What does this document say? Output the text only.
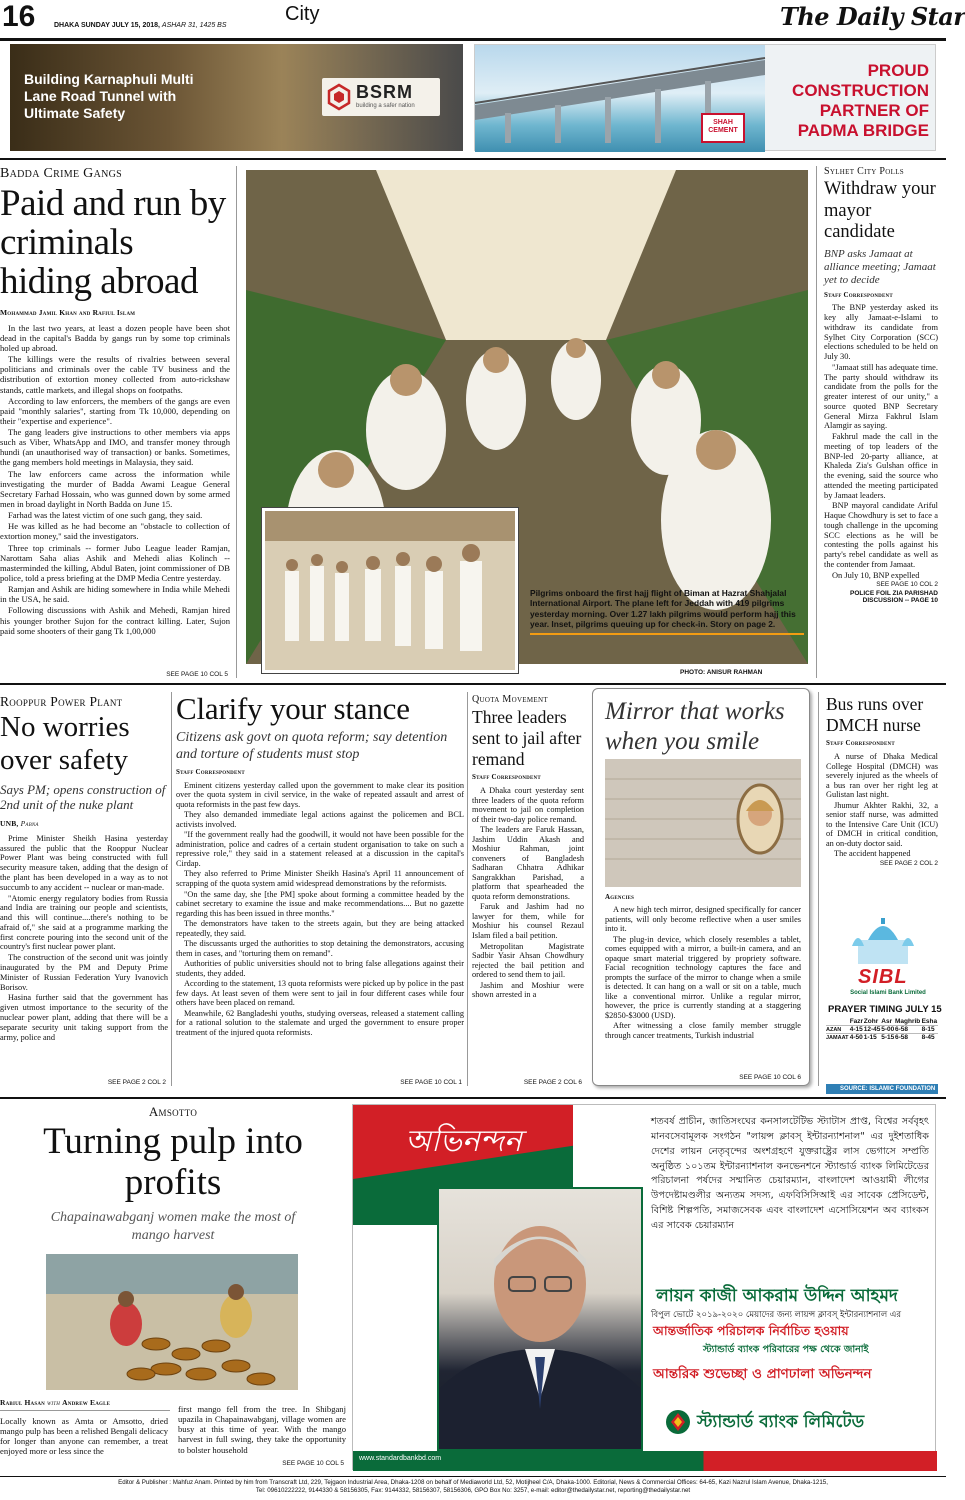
16	DHAKA SUNDAY JULY 15, 2018, ASHAR 31, 1425 BS
City	The Daily Star
Building Karnaphuli Multi Lane Road Tunnel with Ultimate Safety
BSRM
building a safer nation
SHAH CEMENT
PROUD CONSTRUCTION PARTNER OF PADMA BRIDGE
Badda Crime Gangs
Paid and run by criminals hiding abroad
Mohammad Jamil Khan and Rafiul Islam

In the last two years, at least a dozen people have been shot dead in the capital's Badda by gangs run by some top criminals holed up abroad.

The killings were the results of rivalries between several politicians and criminals over the cable TV business and the distribution of extortion money collected from auto-rickshaw stands, cattle markets, and illegal shops on footpaths.

According to law enforcers, the members of the gangs are even paid "monthly salaries", starting from Tk 10,000, depending on their "expertise and experience".

The gang leaders give instructions to other members via apps such as Viber, WhatsApp and IMO, and transfer money through hundi (an unauthorised way of transaction) or banks. Sometimes, the gang members hold meetings in Malaysia, they said.

The law enforcers came across the information while investigating the murder of Badda Awami League General Secretary Farhad Hossain, who was gunned down by some armed men in broad daylight in North Badda on June 15.

Farhad was the latest victim of one such gang, they said.

He was killed as he had become an "obstacle to collection of extortion money," said the investigators.

Three top criminals -- former Jubo League leader Ramjan, Narottam Saha alias Ashik and Mehedi alias Kolinch -- masterminded the killing, Abdul Baten, joint commissioner of DB police, told a press briefing at the DMP Media Centre yesterday.

Ramjan and Ashik are hiding somewhere in India while Mehedi in the USA, he said.

Following discussions with Ashik and Mehedi, Ramjan hired his younger brother Sujon for the contract killing. Later, Sujon paid some shooters of their gang Tk 1,00,000

SEE PAGE 10 COL 5
Pilgrims onboard the first hajj flight of Biman at Hazrat Shahjalal International Airport. The plane left for Jeddah with 419 pilgrims yesterday morning. Over 1.27 lakh pilgrims would perform hajj this year. Inset, pilgrims queuing up for check-in. Story on page 2.
PHOTO: ANISUR RAHMAN
Sylhet City Polls
Withdraw your mayor candidate
BNP asks Jamaat at alliance meeting; Jamaat yet to decide
Staff Correspondent

The BNP yesterday asked its key ally Jamaat-e-Islami to withdraw its candidate from Sylhet City Corporation (SCC) elections scheduled to be held on July 30.

"Jamaat still has adequate time. The party should withdraw its candidate from the polls for the greater interest of our unity," a source quoted BNP Secretary General Mirza Fakhrul Islam Alamgir as saying.

Fakhrul made the call in the meeting of top leaders of the BNP-led 20-party alliance, at Khaleda Zia's Gulshan office in the evening, said the source who attended the meeting participated by Jamaat leaders.

BNP mayoral candidate Ariful Haque Chowdhury is set to face a tough challenge in the upcoming SCC elections as he will be contesting the polls against his party's rebel candidate as well as the contender from Jamaat.

On July 10, BNP expelled

SEE PAGE 10 COL 2
POLICE FOIL ZIA PARISHAD DISCUSSION -- PAGE 10
Rooppur Power Plant
No worries over safety
Says PM; opens construction of 2nd unit of the nuke plant
UNB, Pabna

Prime Minister Sheikh Hasina yesterday assured the public that the Rooppur Nuclear Power Plant was being constructed with full security measure taken, adding that the design of the plant has been developed in a way as to not succumb to any accident -- nuclear or man-made.

"Atomic energy regulatory bodies from Russia and India are training our people and scientists, and this will continue....there's nothing to be afraid of," she said at a programme marking the first concrete pouring into the second unit of the country's first nuclear power plant.

The construction of the second unit was jointly inaugurated by the PM and Deputy Prime Minister of Russian Federation Yury Ivanovich Borisov.

Hasina further said that the government has given utmost importance to the security of the nuclear power plant, adding that there will be a separate security unit taking support from the army, police and

SEE PAGE 2 COL 2
Clarify your stance
Citizens ask govt on quota reform; say detention and torture of students must stop
Staff Correspondent

Eminent citizens yesterday called upon the government to make clear its position over the quota system in civil service, in the wake of repeated assault and arrest of quota reformists in the past few days.

They also demanded immediate legal actions against the policemen and BCL activists involved.

"If the government really had the goodwill, it would not have been possible for the administration, police and cadres of a certain student organisation to take on such a repressive role," they said in a statement released at a discussion in the capital's Cirdap.

They also referred to Prime Minister Sheikh Hasina's April 11 announcement of scrapping of the quota system amid widespread demonstrations by the reformists.

"On the same day, she [the PM] spoke about forming a committee headed by the cabinet secretary to examine the issue and make recommendations.... But no gazette regarding this has been issued in three months."

The demonstrators have taken to the streets again, but they are being attacked repeatedly, they said.

The discussants urged the authorities to stop detaining the demonstrators, accusing them in cases, and "torturing them on remand".

Authorities of public universities should not to bring false allegations against their students, they added.

According to the statement, 13 quota reformists were picked up by police in the past few days. At least seven of them were sent to jail in four different cases while four others have been placed on remand.

Meanwhile, 62 Bangladeshi youths, studying overseas, released a statement calling for a rational solution to the stalemate and urged the government to ensure proper treatment of the injured quota reformists.

SEE PAGE 10 COL 1
Quota Movement
Three leaders sent to jail after remand
Staff Correspondent

A Dhaka court yesterday sent three leaders of the quota reform movement to jail on completion of their two-day police remand.

The leaders are Faruk Hassan, Jashim Uddin Akash and Moshiur Rahman, joint conveners of Bangladesh Sadharan Chhatra Adhikar Sangrakkhan Parishad, a platform that spearheaded the quota reform demonstrations.

Faruk and Jashim had no lawyer for them, while for Moshiur his counsel Rezaul Islam filed a bail petition.

Metropolitan Magistrate Sadbir Yasir Ahsan Chowdhury rejected the bail petition and ordered to send them to jail.

Jashim and Moshiur were shown arrested in a

SEE PAGE 2 COL 6
Mirror that works when you smile
Agencies

A new high tech mirror, designed specifically for cancer patients, will only become reflective when a user smiles into it.

The plug-in device, which closely resembles a tablet, comes equipped with a mirror, a built-in camera, and an opaque smart material triggered by propriety software. Facial recognition technology captures the face and prompts the surface of the mirror to change when a smile is detected. It can hang on a wall or sit on a table, much like a conventional mirror. Unlike a regular mirror, however, the price is currently standing at a staggering $2850-$3000 (USD).

After witnessing a close family member struggle through cancer treatments, Turkish industrial

SEE PAGE 10 COL 6
Bus runs over DMCH nurse
Staff Correspondent

A nurse of Dhaka Medical College Hospital (DMCH) was severely injured as the wheels of a bus ran over her right leg at Gulistan last night.

Jhumur Akhter Rakhi, 32, a senior staff nurse, was admitted to the Intensive Care Unit (ICU) of DMCH in critical condition, an on-duty doctor said.

The accident happened

SEE PAGE 2 COL 2
SIBL
Social Islami Bank Limited
PRAYER TIMING JULY 15
	Fazr	Zohr	Asr	Maghrib	Esha
AZAN	4-15	12-45	5-00	6-58	8-15
JAMAAT	4-50	1-15	5-15	6-58	8-45
SOURCE: ISLAMIC FOUNDATION
Amsotto
Turning pulp into profits
Chapainawabganj women make the most of mango harvest
Rabiul Hasan with Andrew Eagle
Locally known as Amta or Amsotto, dried mango pulp has been a relished Bengali delicacy for longer than anyone can remember, a treat enjoyed more or less since the
first mango fell from the tree. In Shibganj upazila in Chapainawabganj, village women are busy at this time of year. With the mango harvest in full swing, they take the opportunity to bolster household
SEE PAGE 10 COL 5
অভিনন্দন
শতবর্ষ প্রাচীন, জাতিসংঘের কনসালটেটিভ স্ট্যাটাস প্রাপ্ত, বিশ্বের সর্ববৃহৎ মানবসেবামূলক সংগঠন "লায়ন্স ক্লাবস্ ইন্টারন্যাশনাল" এর দুইশতাধিক দেশের লায়ন নেতৃবৃন্দের অংশগ্রহণে যুক্তরাষ্ট্রের লাস ভেগাসে সম্প্রতি অনুষ্ঠিত ১০১তম ইন্টারন্যাশনাল কনভেনশনে স্ট্যান্ডার্ড ব্যাংক লিমিটেডের পরিচালনা পর্ষদের সম্মানিত চেয়ারম্যান, বাংলাদেশ আওয়ামী লীগের উপদেষ্টামণ্ডলীর অন্যতম সদস্য, এফবিসিসিআই এর সাবেক প্রেসিডেন্ট, বিশিষ্ট শিল্পপতি, সমাজসেবক এবং বাংলাদেশ এসোসিয়েশন অব ব্যাংকস এর সাবেক চেয়ারম্যান
লায়ন কাজী আকরাম উদ্দিন আহমদ
বিপুল ভোটে ২০১৯-২০২০ মেয়াদের জন্য লায়ন্স ক্লাবস্ ইন্টারন্যাশনাল এর
আন্তর্জাতিক পরিচালক নির্বাচিত হওয়ায়
স্ট্যান্ডার্ড ব্যাংক পরিবারের পক্ষ থেকে জানাই
আন্তরিক শুভেচ্ছা ও প্রাণঢালা অভিনন্দন
স্ট্যান্ডার্ড ব্যাংক লিমিটেড
www.standardbankbd.com
Editor & Publisher : Mahfuz Anam. Printed by him from Transcraft Ltd, 229, Tejgaon Industrial Area, Dhaka-1208 on behalf of Mediaworld Ltd, 52, Motijheel C/A, Dhaka-1000. Editorial, News & Commercial Offices: 64-65, Kazi Nazrul Islam Avenue, Dhaka-1215,
Tel: 09610222222, 9144330 & 58156305, Fax: 9144332, 58156307, 58156306, GPO Box No: 3257, e-mail: editor@thedailystar.net, reporting@thedailystar.net
